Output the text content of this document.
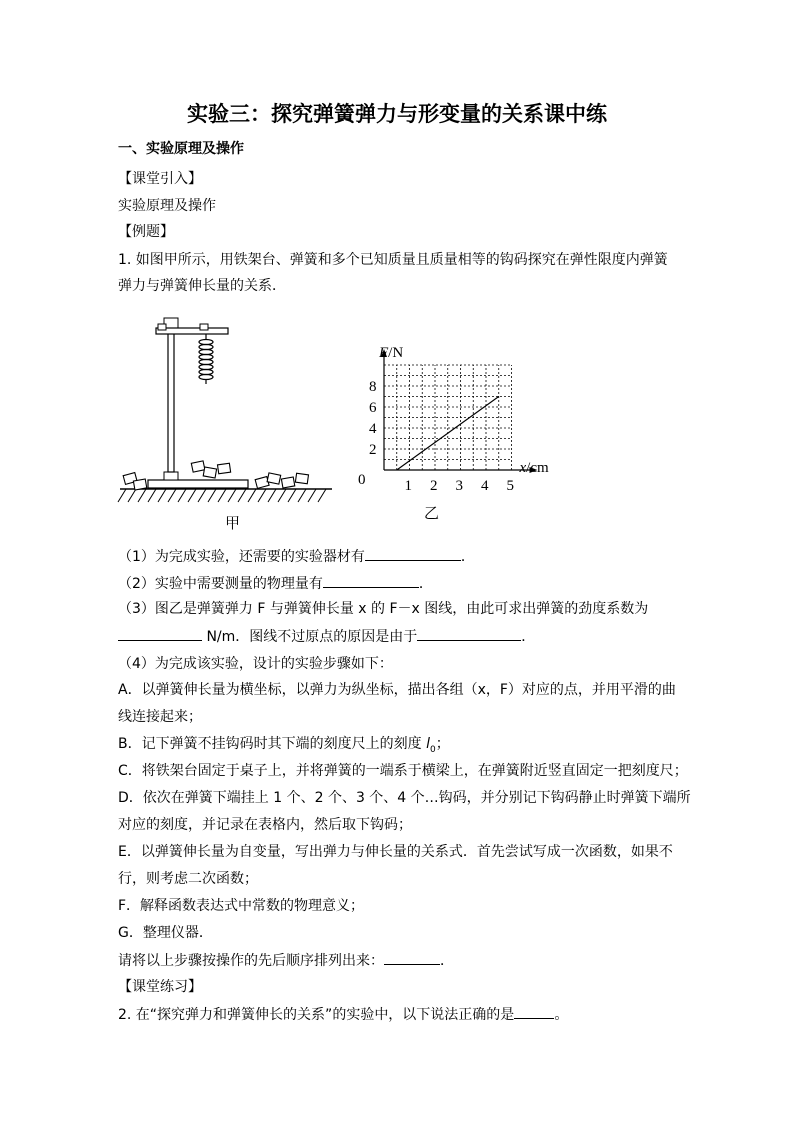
实验三：探究弹簧弹力与形变量的关系课中练
一、实验原理及操作
【课堂引入】
实验原理及操作
【例题】
1. 如图甲所示，用铁架台、弹簧和多个已知质量且质量相等的钩码探究在弹性限度内弹簧
弹力与弹簧伸长量的关系．
甲
1 2 3 4 5
2
4
6
8
0
F/N
x/cm
乙
（1）为完成实验，还需要的实验器材有	．
（2）实验中需要测量的物理量有	．
（3）图乙是弹簧弹力 F 与弹簧伸长量 x 的 F－x 图线，由此可求出弹簧的劲度系数为
N/m．图线不过原点的原因是由于	．
（4）为完成该实验，设计的实验步骤如下：
A．以弹簧伸长量为横坐标，以弹力为纵坐标，描出各组（x，F）对应的点，并用平滑的曲
线连接起来；
B．记下弹簧不挂钩码时其下端的刻度尺上的刻度 $l_0$；
C．将铁架台固定于桌子上，并将弹簧的一端系于横梁上，在弹簧附近竖直固定一把刻度尺；
D．依次在弹簧下端挂上 1 个、2 个、3 个、4 个…钩码，并分别记下钩码静止时弹簧下端所
对应的刻度，并记录在表格内，然后取下钩码；
E．以弹簧伸长量为自变量，写出弹力与伸长量的关系式．首先尝试写成一次函数，如果不
行，则考虑二次函数；
F．解释函数表达式中常数的物理意义；
G．整理仪器．
请将以上步骤按操作的先后顺序排列出来：	．
【课堂练习】
2. 在“探究弹力和弹簧伸长的关系”的实验中，以下说法正确的是	。
